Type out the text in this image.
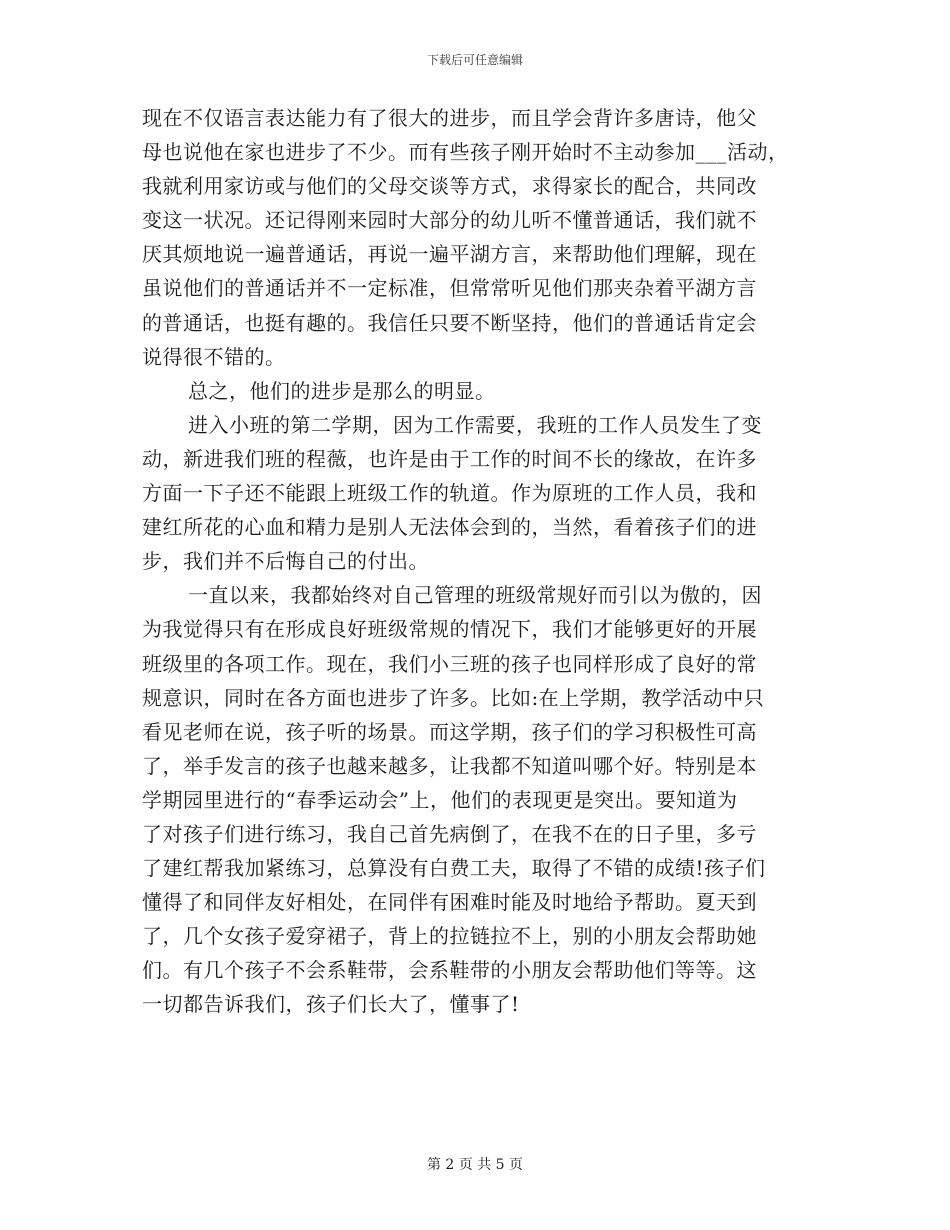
下载后可任意编辑

现在不仅语言表达能力有了很大的进步，而且学会背许多唐诗，他父
母也说他在家也进步了不少。而有些孩子刚开始时不主动参加___活动，
我就利用家访或与他们的父母交谈等方式，求得家长的配合，共同改
变这一状况。还记得刚来园时大部分的幼儿听不懂普通话，我们就不
厌其烦地说一遍普通话，再说一遍平湖方言，来帮助他们理解，现在
虽说他们的普通话并不一定标准，但常常听见他们那夹杂着平湖方言
的普通话，也挺有趣的。我信任只要不断坚持，他们的普通话肯定会
说得很不错的。

总之，他们的进步是那么的明显。

进入小班的第二学期，因为工作需要，我班的工作人员发生了变
动，新进我们班的程薇，也许是由于工作的时间不长的缘故，在许多
方面一下子还不能跟上班级工作的轨道。作为原班的工作人员，我和
建红所花的心血和精力是别人无法体会到的，当然，看着孩子们的进
步，我们并不后悔自己的付出。

一直以来，我都始终对自己管理的班级常规好而引以为傲的，因
为我觉得只有在形成良好班级常规的情况下，我们才能够更好的开展
班级里的各项工作。现在，我们小三班的孩子也同样形成了良好的常
规意识，同时在各方面也进步了许多。比如:在上学期，教学活动中只
看见老师在说，孩子听的场景。而这学期，孩子们的学习积极性可高
了，举手发言的孩子也越来越多，让我都不知道叫哪个好。特别是本
学期园里进行的“春季运动会”上，他们的表现更是突出。要知道为
了对孩子们进行练习，我自己首先病倒了，在我不在的日子里，多亏
了建红帮我加紧练习，总算没有白费工夫，取得了不错的成绩!孩子们
懂得了和同伴友好相处，在同伴有困难时能及时地给予帮助。夏天到
了，几个女孩子爱穿裙子，背上的拉链拉不上，别的小朋友会帮助她
们。有几个孩子不会系鞋带，会系鞋带的小朋友会帮助他们等等。这
一切都告诉我们，孩子们长大了，懂事了!

第 2 页 共 5 页
